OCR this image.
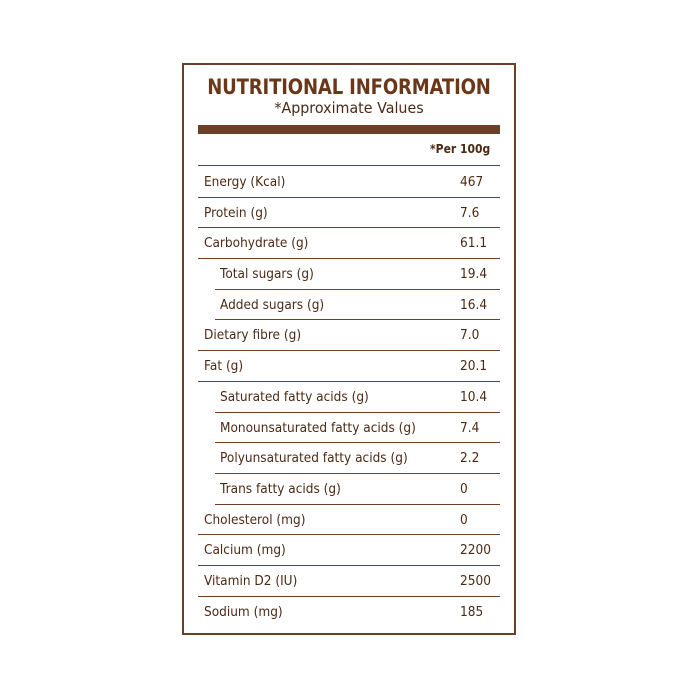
NUTRITIONAL INFORMATION
*Approximate Values
*Per 100g
Energy (Kcal)	467
Protein (g)	7.6
Carbohydrate (g)	61.1
Total sugars (g)	19.4
Added sugars (g)	16.4
Dietary fibre (g)	7.0
Fat (g)	20.1
Saturated fatty acids (g)	10.4
Monounsaturated fatty acids (g)	7.4
Polyunsaturated fatty acids (g)	2.2
Trans fatty acids (g)	0
Cholesterol (mg)	0
Calcium (mg)	2200
Vitamin D2 (IU)	2500
Sodium (mg)	185
